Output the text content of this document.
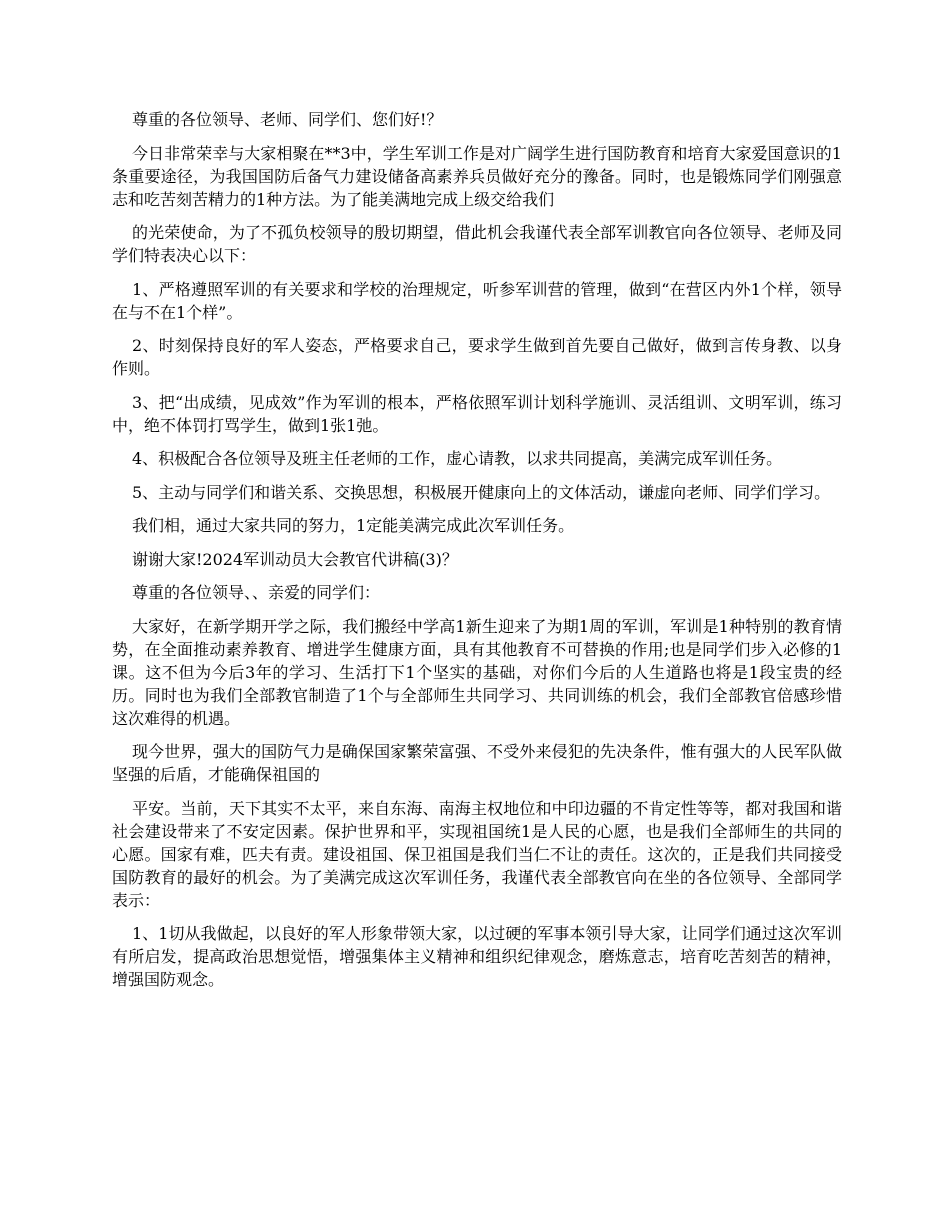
尊重的各位领导、老师、同学们、您们好!？

今日非常荣幸与大家相聚在**3中，学生军训工作是对广阔学生进行国防教育和培育大家爱国意识的1条重要途径，为我国国防后备气力建设储备高素养兵员做好充分的豫备。同时，也是锻炼同学们刚强意志和吃苦刻苦精力的1种方法。为了能美满地完成上级交给我们

的光荣使命，为了不孤负校领导的殷切期望，借此机会我谨代表全部军训教官向各位领导、老师及同学们特表决心以下：

1、严格遵照军训的有关要求和学校的治理规定，听参军训营的管理，做到“在营区内外1个样，领导在与不在1个样”。

2、时刻保持良好的军人姿态，严格要求自己，要求学生做到首先要自己做好，做到言传身教、以身作则。

3、把“出成绩，见成效”作为军训的根本，严格依照军训计划科学施训、灵活组训、文明军训，练习中，绝不体罚打骂学生，做到1张1弛。

4、积极配合各位领导及班主任老师的工作，虚心请教，以求共同提高，美满完成军训任务。

5、主动与同学们和谐关系、交换思想，积极展开健康向上的文体活动，谦虚向老师、同学们学习。

我们相，通过大家共同的努力，1定能美满完成此次军训任务。

谢谢大家!2024军训动员大会教官代讲稿(3)？

尊重的各位领导、、亲爱的同学们：

大家好，在新学期开学之际，我们搬经中学高1新生迎来了为期1周的军训，军训是1种特别的教育情势，在全面推动素养教育、增进学生健康方面，具有其他教育不可替换的作用;也是同学们步入必修的1课。这不但为今后3年的学习、生活打下1个坚实的基础，对你们今后的人生道路也将是1段宝贵的经历。同时也为我们全部教官制造了1个与全部师生共同学习、共同训练的机会，我们全部教官倍感珍惜这次难得的机遇。

现今世界，强大的国防气力是确保国家繁荣富强、不受外来侵犯的先决条件，惟有强大的人民军队做坚强的后盾，才能确保祖国的

平安。当前，天下其实不太平，来自东海、南海主权地位和中印边疆的不肯定性等等，都对我国和谐社会建设带来了不安定因素。保护世界和平，实现祖国统1是人民的心愿，也是我们全部师生的共同的心愿。国家有难，匹夫有责。建设祖国、保卫祖国是我们当仁不让的责任。这次的，正是我们共同接受国防教育的最好的机会。为了美满完成这次军训任务，我谨代表全部教官向在坐的各位领导、全部同学表示：

1、1切从我做起，以良好的军人形象带领大家，以过硬的军事本领引导大家，让同学们通过这次军训有所启发，提高政治思想觉悟，增强集体主义精神和组织纪律观念，磨炼意志，培育吃苦刻苦的精神，增强国防观念。
